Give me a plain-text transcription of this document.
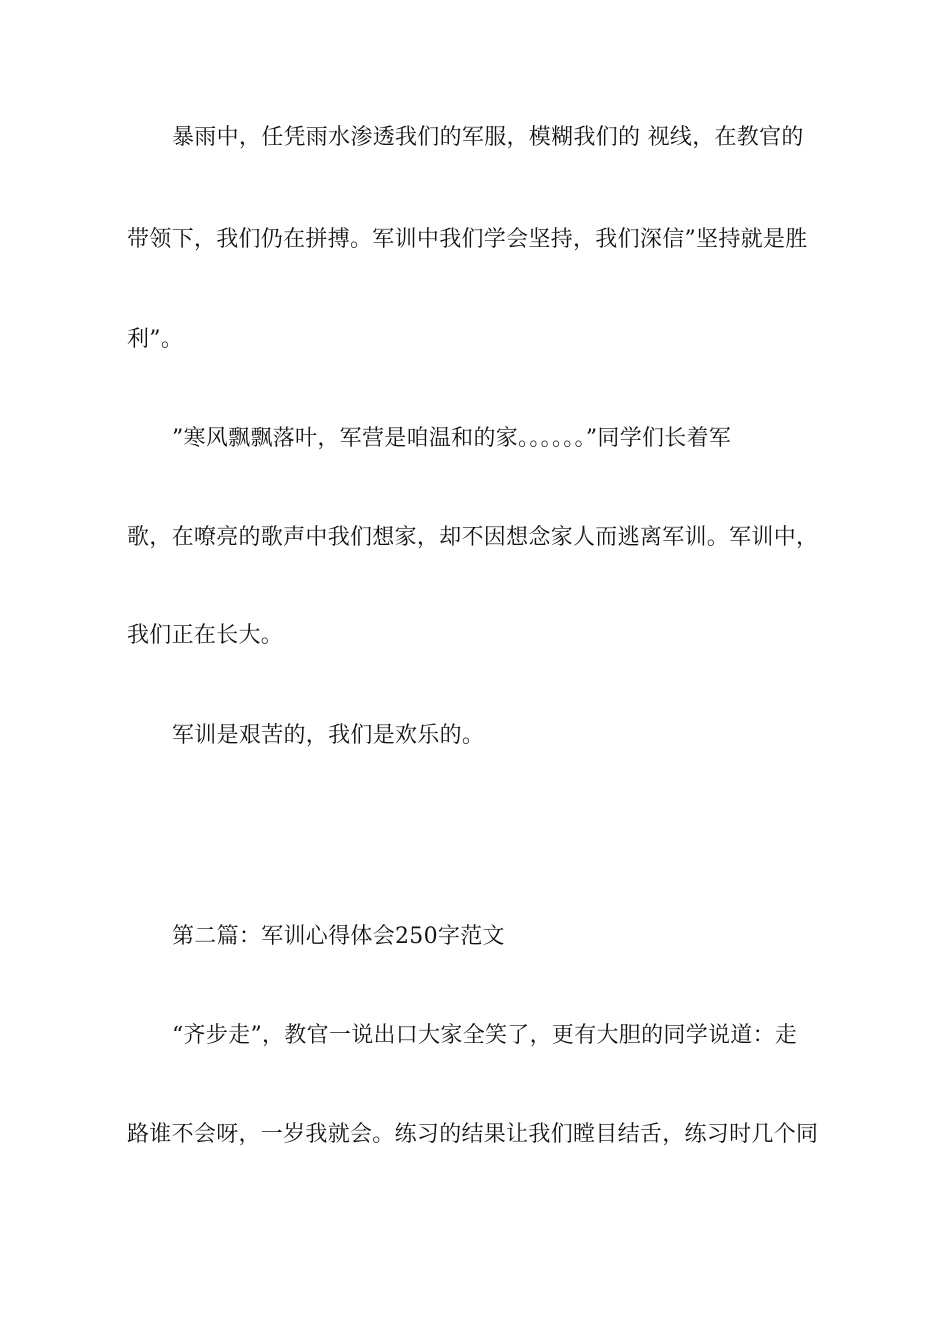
暴雨中，任凭雨水渗透我们的军服，模糊我们的 视线，在教官的
带领下，我们仍在拼搏。军训中我们学会坚持，我们深信”坚持就是胜
利”。
”寒风飘飘落叶，军营是咱温和的家。。。。。。”同学们长着军
歌，在嘹亮的歌声中我们想家，却不因想念家人而逃离军训。军训中，
我们正在长大。
军训是艰苦的，我们是欢乐的。
第二篇：军训心得体会250字范文
“齐步走”，教官一说出口大家全笑了，更有大胆的同学说道：走
路谁不会呀，一岁我就会。练习的结果让我们瞠目结舌，练习时几个同
